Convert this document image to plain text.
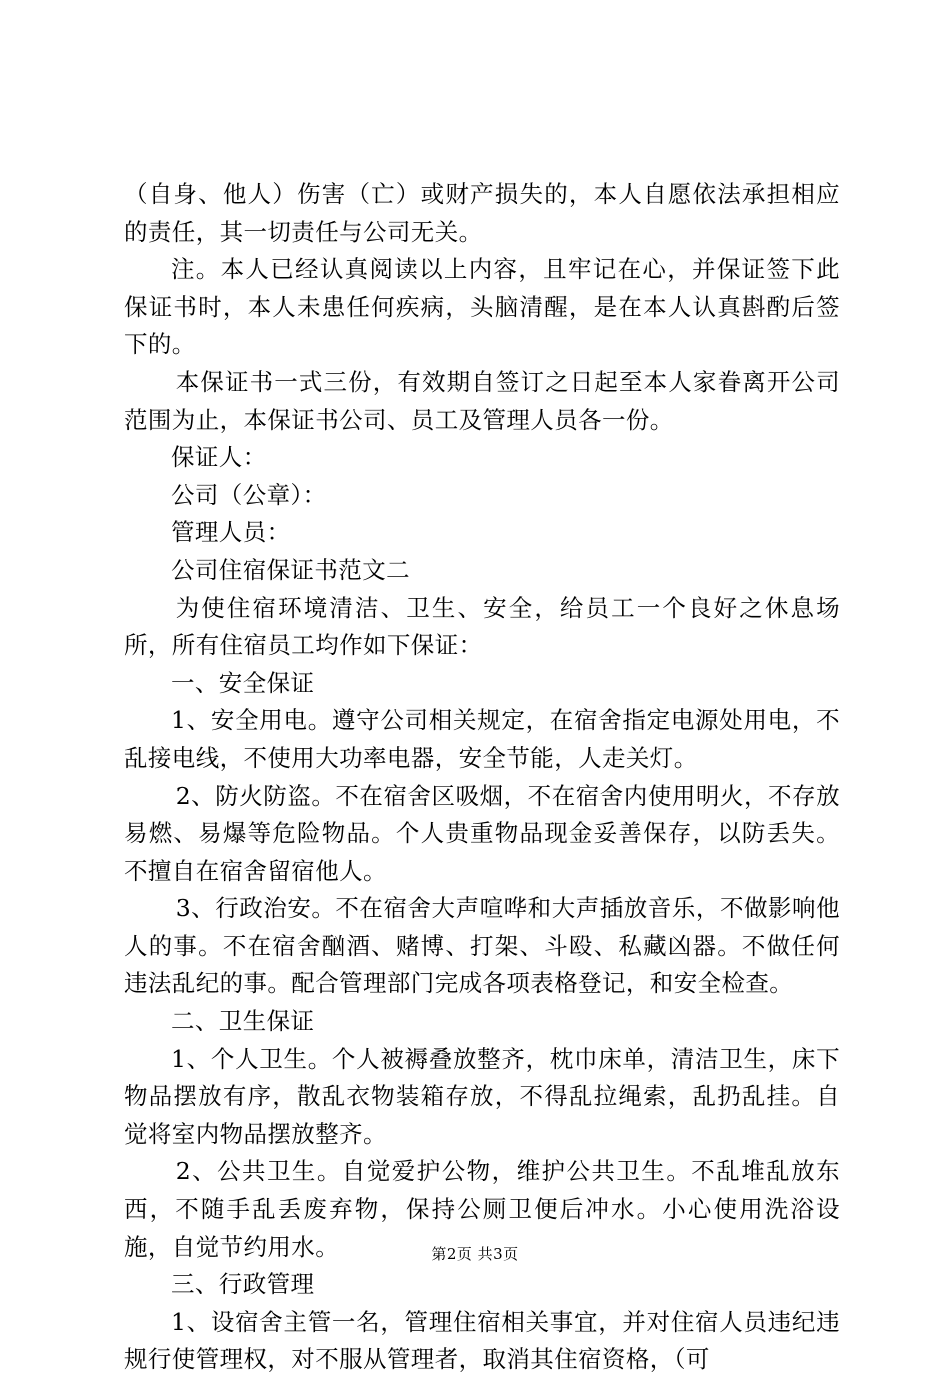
（自身、他人）伤害（亡）或财产损失的，本人自愿依法承担相应的责任，其一切责任与公司无关。

注。本人已经认真阅读以上内容，且牢记在心，并保证签下此保证书时，本人未患任何疾病，头脑清醒，是在本人认真斟酌后签下的。

本保证书一式三份，有效期自签订之日起至本人家眷离开公司范围为止，本保证书公司、员工及管理人员各一份。

保证人：

公司（公章）：

管理人员：

公司住宿保证书范文二

为使住宿环境清洁、卫生、安全，给员工一个良好之休息场所，所有住宿员工均作如下保证：

一、安全保证

1、安全用电。遵守公司相关规定，在宿舍指定电源处用电，不乱接电线，不使用大功率电器，安全节能，人走关灯。

2、防火防盗。不在宿舍区吸烟，不在宿舍内使用明火，不存放易燃、易爆等危险物品。个人贵重物品现金妥善保存，以防丢失。不擅自在宿舍留宿他人。

3、行政治安。不在宿舍大声喧哗和大声插放音乐，不做影响他人的事。不在宿舍酗酒、赌博、打架、斗殴、私藏凶器。不做任何违法乱纪的事。配合管理部门完成各项表格登记，和安全检查。

二、卫生保证

1、个人卫生。个人被褥叠放整齐，枕巾床单，清洁卫生，床下物品摆放有序，散乱衣物装箱存放，不得乱拉绳索，乱扔乱挂。自觉将室内物品摆放整齐。

2、公共卫生。自觉爱护公物，维护公共卫生。不乱堆乱放东西，不随手乱丢废弃物，保持公厕卫便后冲水。小心使用洗浴设施，自觉节约用水。

三、行政管理

1、设宿舍主管一名，管理住宿相关事宜，并对住宿人员违纪违规行使管理权，对不服从管理者，取消其住宿资格，（可

第2页 共3页
